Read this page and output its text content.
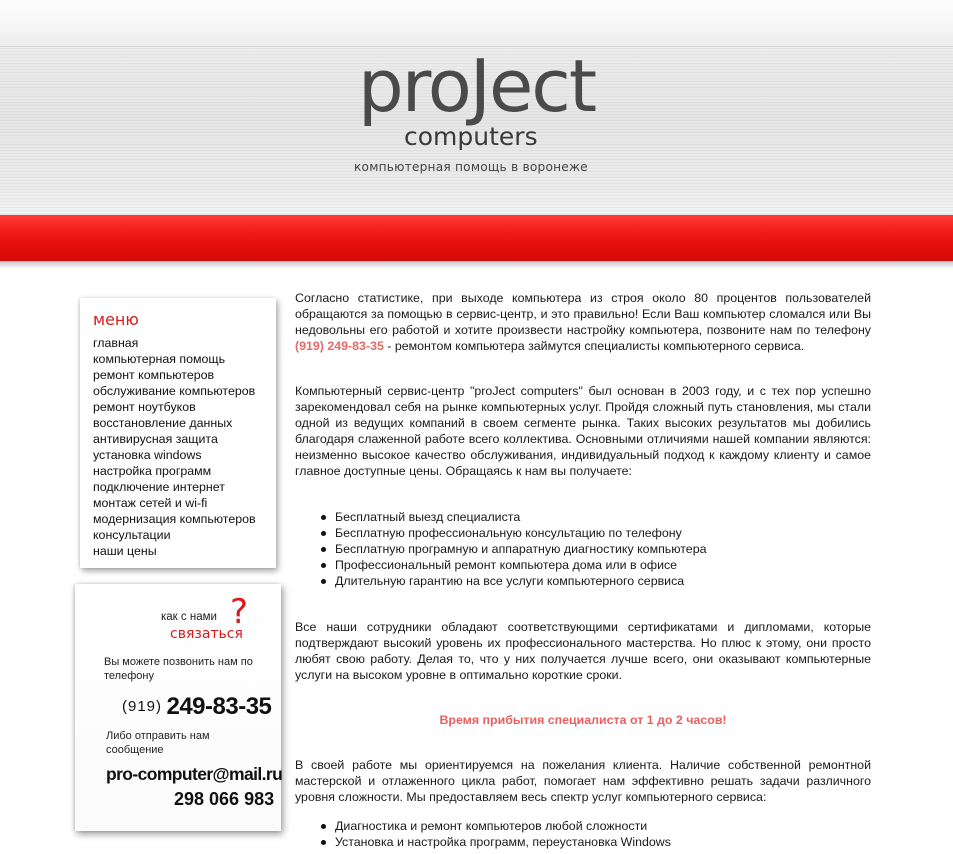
proJect
computers
компьютерная помощь в воронеже
меню
главная
компьютерная помощь
ремонт компьютеров
обслуживание компьютеров
ремонт ноутбуков
восстановление данных
антивирусная защита
установка windows
настройка программ
подключение интернет
монтаж сетей и wi-fi
модернизация компьютеров
консультации
наши цены
?
как с нами
связаться
Вы можете позвонить нам по телефону
(919) 249-83-35
Либо отправить нам сообщение
pro-computer@mail.ru
298 066 983

Согласно статистике, при выходе компьютера из строя около 80 процентов пользователей обращаются за помощью в сервис-центр, и это правильно! Если Ваш компьютер сломался или Вы недовольны его работой и хотите произвести настройку компьютера, позвоните нам по телефону (919) 249-83-35 - ремонтом компьютера займутся специалисты компьютерного сервиса.

Компьютерный сервис-центр "proJect computers" был основан в 2003 году, и с тех пор успешно зарекомендовал себя на рынке компьютерных услуг. Пройдя сложный путь становления, мы стали одной из ведущих компаний в своем сегменте рынка. Таких высоких результатов мы добились благодаря слаженной работе всего коллектива. Основными отличиями нашей компании являются: неизменно высокое качество обслуживания, индивидуальный подход к каждому клиенту и самое главное доступные цены. Обращаясь к нам вы получаете:

Бесплатный выезд специалиста
Бесплатную профессиональную консультацию по телефону
Бесплатную програмную и аппаратную диагностику компьютера
Профессиональный ремонт компьютера дома или в офисе
Длительную гарантию на все услуги компьютерного сервиса

Все наши сотрудники обладают соответствующими сертификатами и дипломами, которые подтверждают высокий уровень их профессионального мастерства. Но плюс к этому, они просто любят свою работу. Делая то, что у них получается лучше всего, они оказывают компьютерные услуги на высоком уровне в оптимально короткие сроки.

Время прибытия специалиста от 1 до 2 часов!

В своей работе мы ориентируемся на пожелания клиента. Наличие собственной ремонтной мастерской и отлаженного цикла работ, помогает нам эффективно решать задачи различного уровня сложности. Мы предоставляем весь спектр услуг компьютерного сервиса:

Диагностика и ремонт компьютеров любой сложности
Установка и настройка программ, переустановка Windows
